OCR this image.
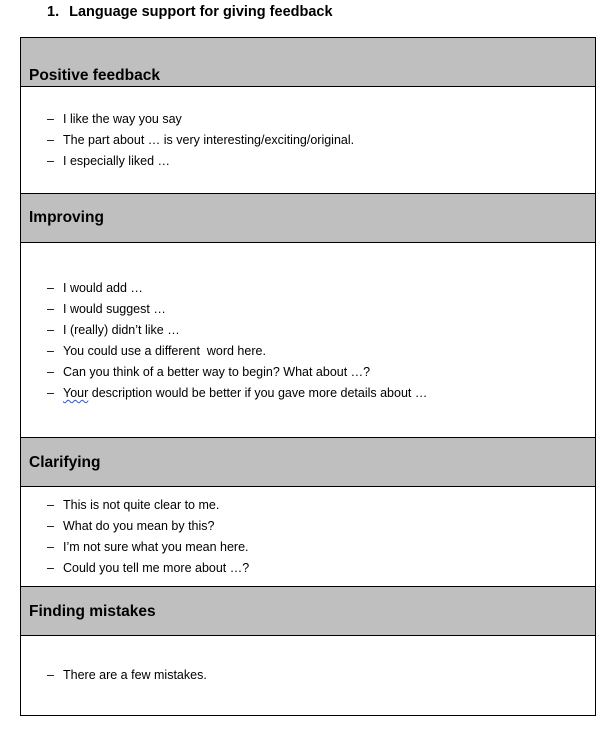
1. Language support for giving feedback
Positive feedback
– I like the way you say
– The part about … is very interesting/exciting/original.
– I especially liked …
Improving
– I would add …
– I would suggest …
– I (really) didn’t like …
– You could use a different  word here.
– Can you think of a better way to begin? What about …?
– Your description would be better if you gave more details about …
Clarifying
– This is not quite clear to me.
– What do you mean by this?
– I’m not sure what you mean here.
– Could you tell me more about …?
Finding mistakes
– There are a few mistakes.
